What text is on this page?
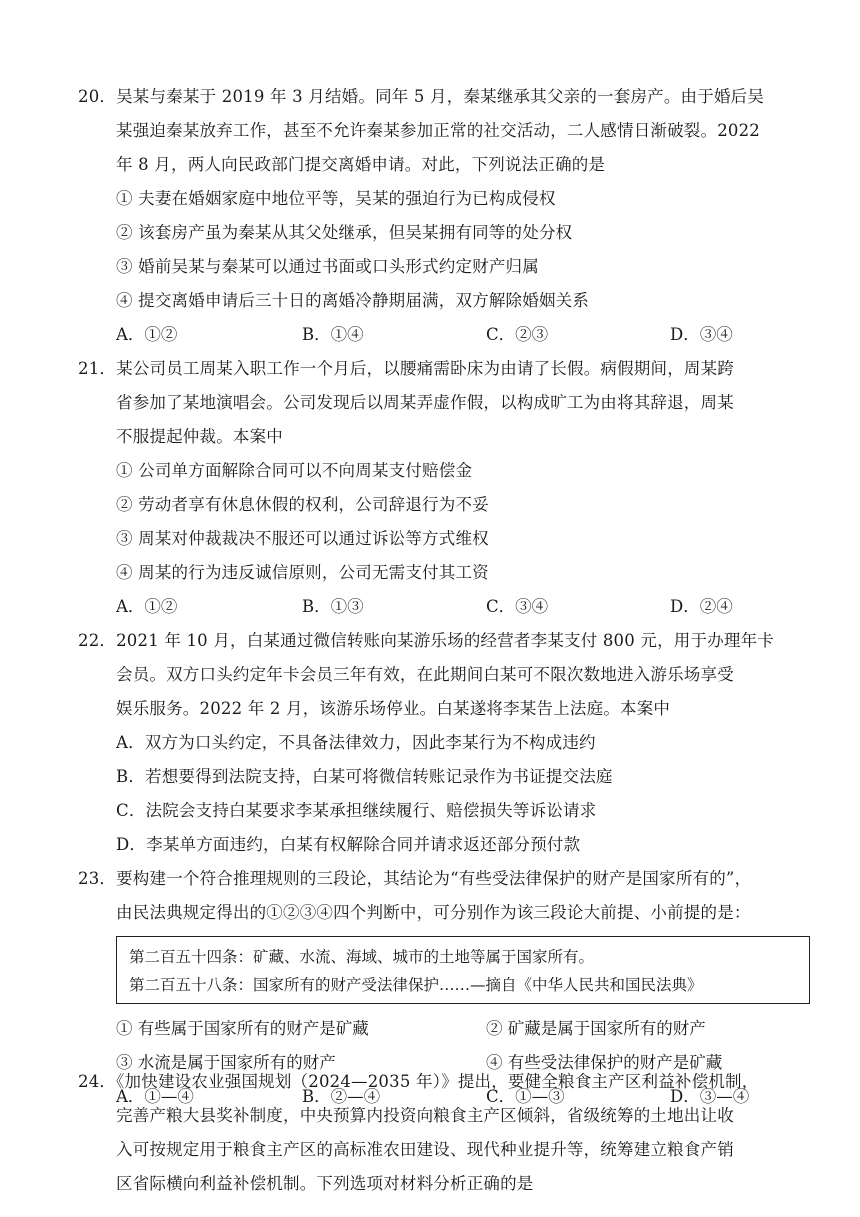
20．吴某与秦某于 2019 年 3 月结婚。同年 5 月，秦某继承其父亲的一套房产。由于婚后吴
某强迫秦某放弃工作，甚至不允许秦某参加正常的社交活动，二人感情日渐破裂。2022
年 8 月，两人向民政部门提交离婚申请。对此，下列说法正确的是
① 夫妻在婚姻家庭中地位平等，吴某的强迫行为已构成侵权
② 该套房产虽为秦某从其父处继承，但吴某拥有同等的处分权
③ 婚前吴某与秦某可以通过书面或口头形式约定财产归属
④ 提交离婚申请后三十日的离婚冷静期届满，双方解除婚姻关系
A．①②	B．①④	C．②③	D．③④
21．某公司员工周某入职工作一个月后，以腰痛需卧床为由请了长假。病假期间，周某跨
省参加了某地演唱会。公司发现后以周某弄虚作假，以构成旷工为由将其辞退，周某
不服提起仲裁。本案中
① 公司单方面解除合同可以不向周某支付赔偿金
② 劳动者享有休息休假的权利，公司辞退行为不妥
③ 周某对仲裁裁决不服还可以通过诉讼等方式维权
④ 周某的行为违反诚信原则，公司无需支付其工资
A．①②	B．①③	C．③④	D．②④
22．2021 年 10 月，白某通过微信转账向某游乐场的经营者李某支付 800 元，用于办理年卡
会员。双方口头约定年卡会员三年有效，在此期间白某可不限次数地进入游乐场享受
娱乐服务。2022 年 2 月，该游乐场停业。白某遂将李某告上法庭。本案中
A．双方为口头约定，不具备法律效力，因此李某行为不构成违约
B．若想要得到法院支持，白某可将微信转账记录作为书证提交法庭
C．法院会支持白某要求李某承担继续履行、赔偿损失等诉讼请求
D．李某单方面违约，白某有权解除合同并请求返还部分预付款
23．要构建一个符合推理规则的三段论，其结论为“有些受法律保护的财产是国家所有的”，
由民法典规定得出的①②③④四个判断中，可分别作为该三段论大前提、小前提的是：
第二百五十四条：矿藏、水流、海域、城市的土地等属于国家所有。
第二百五十八条：国家所有的财产受法律保护……—摘自《中华人民共和国民法典》
① 有些属于国家所有的财产是矿藏	② 矿藏是属于国家所有的财产
③ 水流是属于国家所有的财产	④ 有些受法律保护的财产是矿藏
A．①—④	B．②—④	C．①—③	D．③—④
24．《加快建设农业强国规划（2024—2035 年）》提出，要健全粮食主产区利益补偿机制，
完善产粮大县奖补制度，中央预算内投资向粮食主产区倾斜，省级统筹的土地出让收
入可按规定用于粮食主产区的高标准农田建设、现代种业提升等，统筹建立粮食产销
区省际横向利益补偿机制。下列选项对材料分析正确的是
